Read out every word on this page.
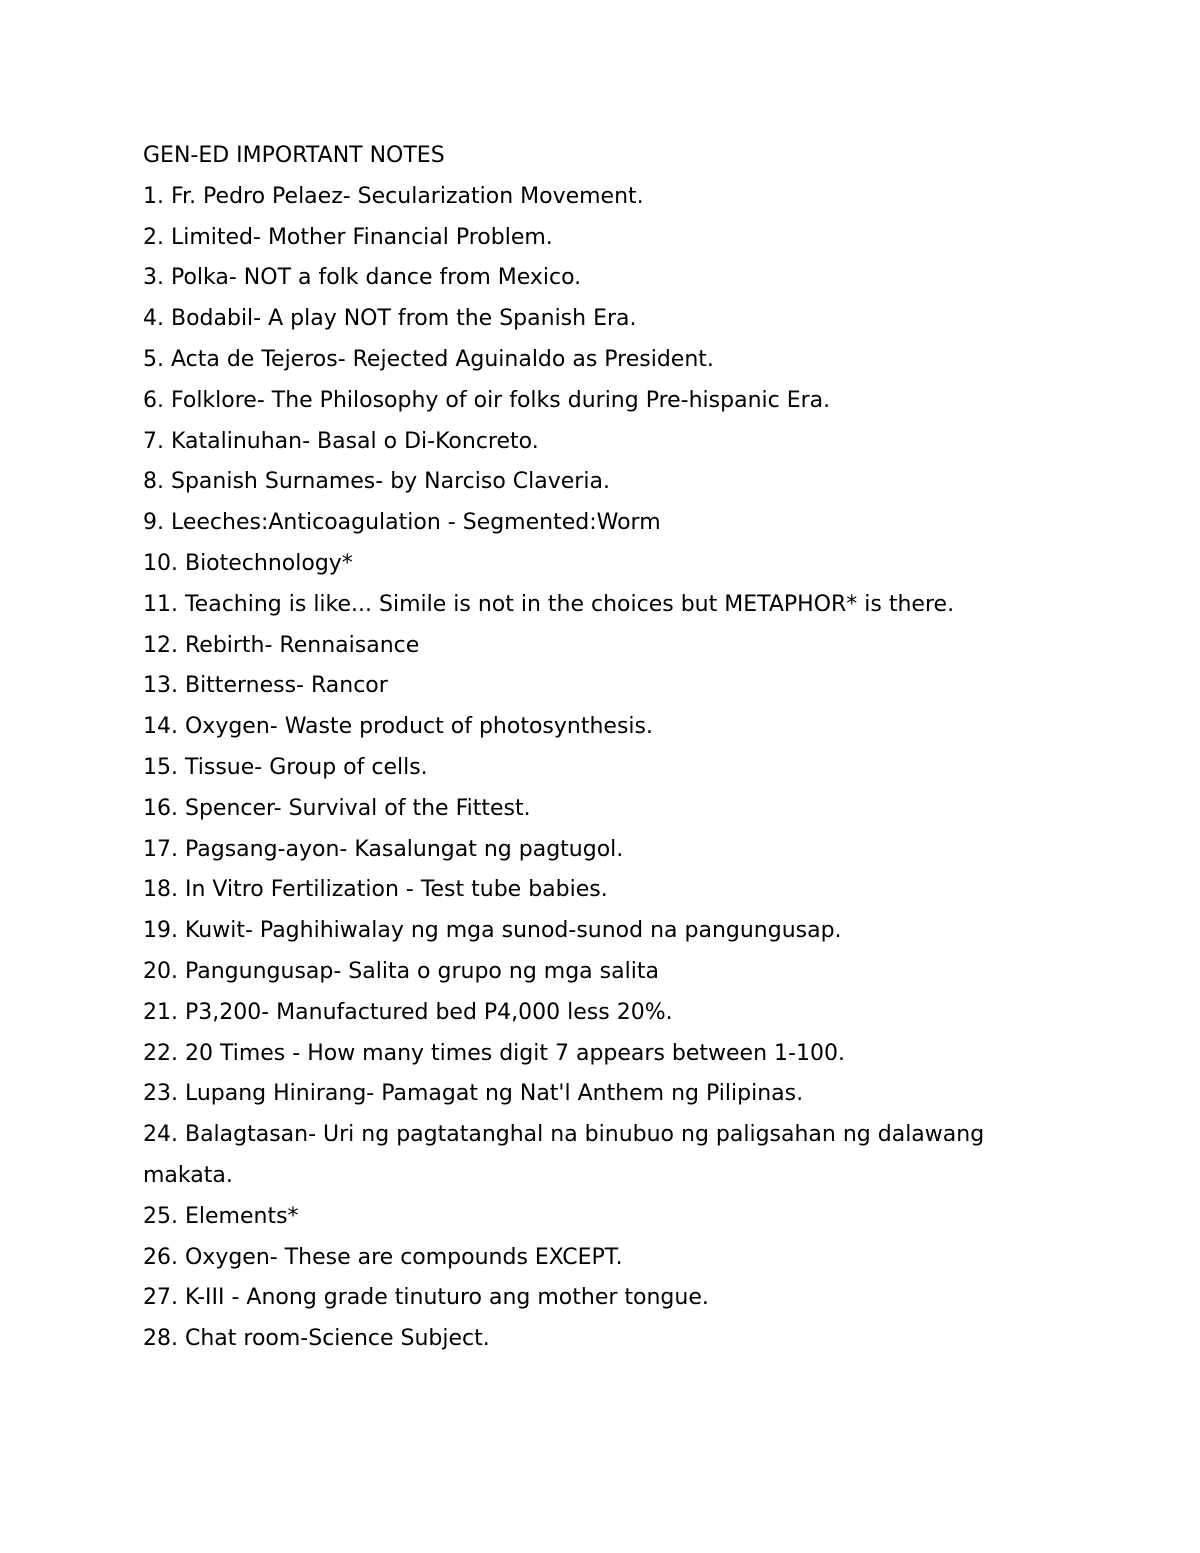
GEN-ED IMPORTANT NOTES

1. Fr. Pedro Pelaez- Secularization Movement.

2. Limited- Mother Financial Problem.

3. Polka- NOT a folk dance from Mexico.

4. Bodabil- A play NOT from the Spanish Era.

5. Acta de Tejeros- Rejected Aguinaldo as President.

6. Folklore- The Philosophy of oir folks during Pre-hispanic Era.

7. Katalinuhan- Basal o Di-Koncreto.

8. Spanish Surnames- by Narciso Claveria.

9. Leeches:Anticoagulation - Segmented:Worm

10. Biotechnology*

11. Teaching is like... Simile is not in the choices but METAPHOR* is there.

12. Rebirth- Rennaisance

13. Bitterness- Rancor

14. Oxygen- Waste product of photosynthesis.

15. Tissue- Group of cells.

16. Spencer- Survival of the Fittest.

17. Pagsang-ayon- Kasalungat ng pagtugol.

18. In Vitro Fertilization - Test tube babies.

19. Kuwit- Paghihiwalay ng mga sunod-sunod na pangungusap.

20. Pangungusap- Salita o grupo ng mga salita

21. P3,200- Manufactured bed P4,000 less 20%.

22. 20 Times - How many times digit 7 appears between 1-100.

23. Lupang Hinirang- Pamagat ng Nat'l Anthem ng Pilipinas.

24. Balagtasan- Uri ng pagtatanghal na binubuo ng paligsahan ng dalawang makata.

25. Elements*

26. Oxygen- These are compounds EXCEPT.

27. K-III - Anong grade tinuturo ang mother tongue.

28. Chat room-Science Subject.
